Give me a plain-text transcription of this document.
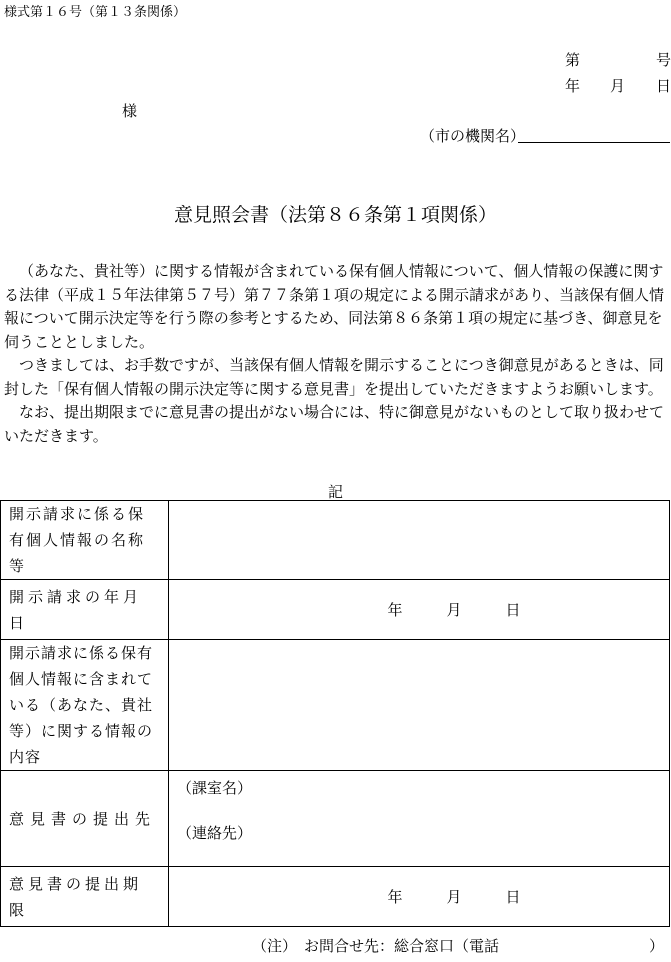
様式第１６号（第１３条関係）
第	号
年 月 日
様
（市の機関名）
意見照会書（法第８６条第１項関係）

（あなた、貴社等）に関する情報が含まれている保有個人情報について、個人情報の保護に関する法律（平成１５年法律第５７号）第７７条第１項の規定による開示請求があり、当該保有個人情報について開示決定等を行う際の参考とするため、同法第８６条第１項の規定に基づき、御意見を伺うこととしました。

つきましては、お手数ですが、当該保有個人情報を開示することにつき御意見があるときは、同封した「保有個人情報の開示決定等に関する意見書」を提出していただきますようお願いします。

なお、提出期限までに意見書の提出がない場合には、特に御意見がないものとして取り扱わせていただきます。

記
開示請求に係る保有個人情報の名称等	
開示請求の年月日	年 月 日

開示請求に係る保有個人情報に含まれている（あなた、貴社等）に関する情報の内容	
意見書の提出先	（課室名）
（連絡先）

意見書の提出期限	年 月 日
（注） お問合せ先：総合窓口（電話	）
